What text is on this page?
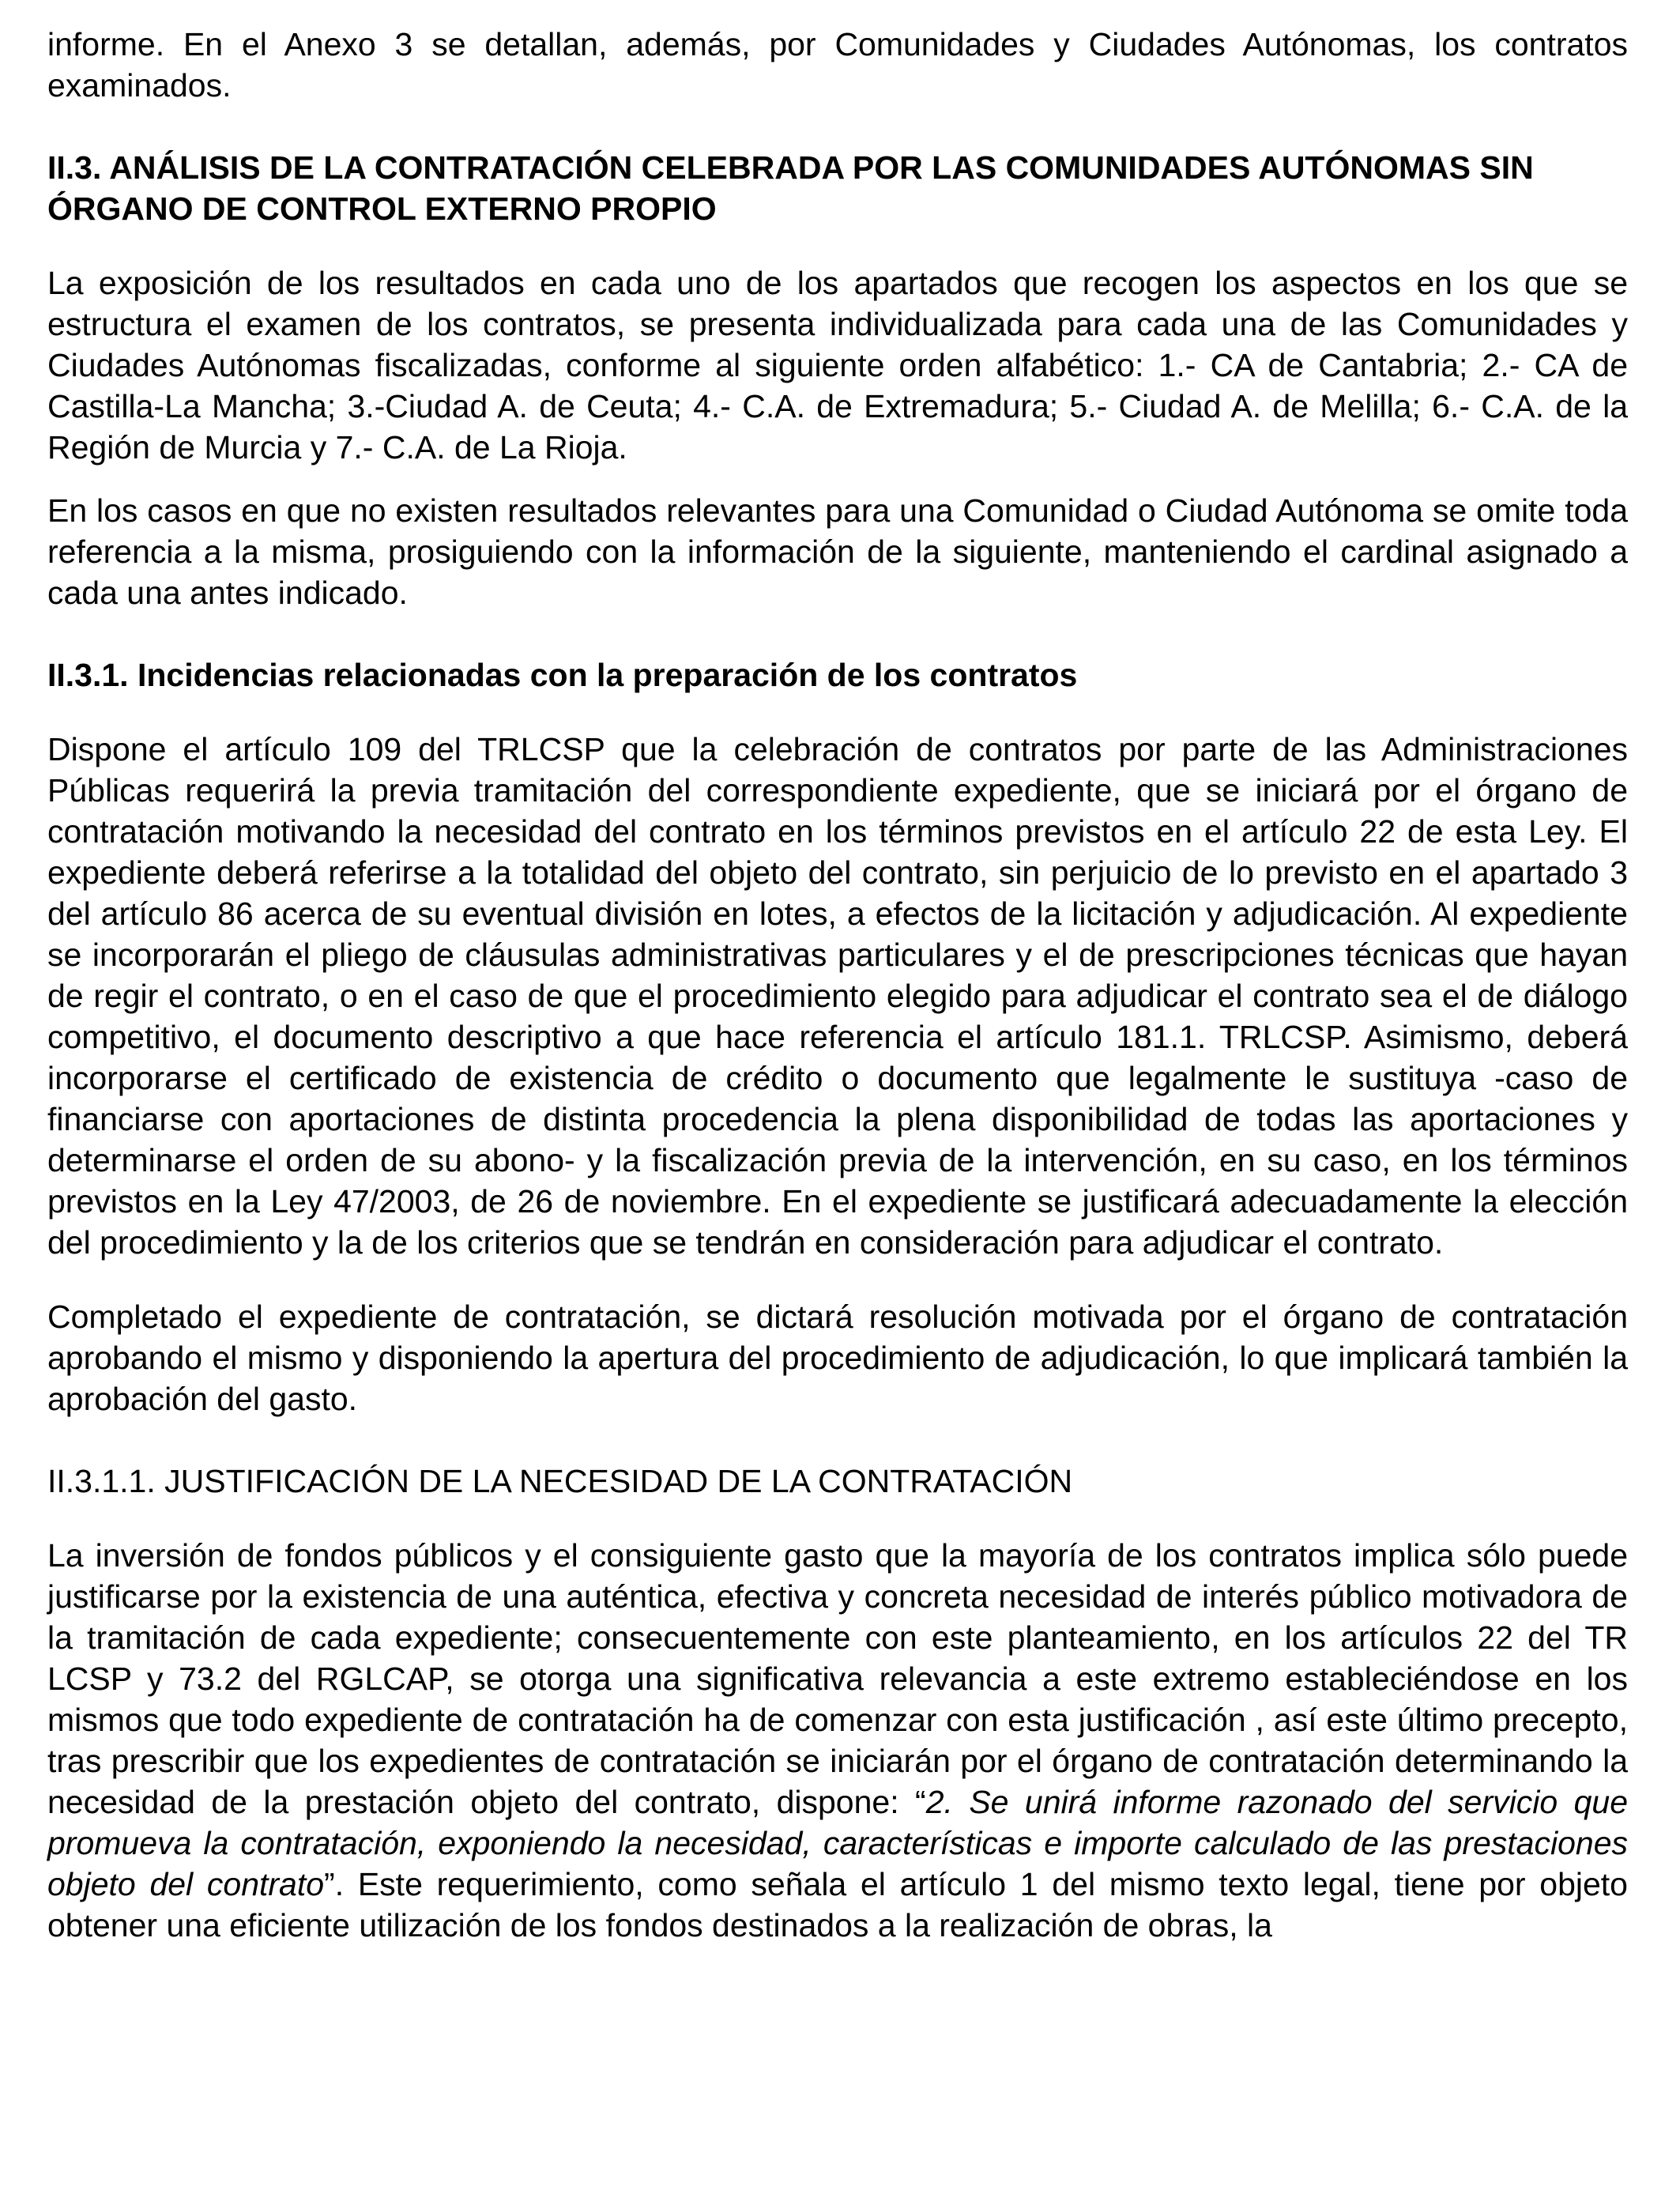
informe. En el Anexo 3 se detallan, además, por Comunidades y Ciudades Autónomas, los contratos examinados.

II.3. ANÁLISIS DE LA CONTRATACIÓN CELEBRADA POR LAS COMUNIDADES AUTÓNOMAS SIN ÓRGANO DE CONTROL EXTERNO PROPIO

La exposición de los resultados en cada uno de los apartados que recogen los aspectos en los que se estructura el examen de los contratos, se presenta individualizada para cada una de las Comunidades y Ciudades Autónomas fiscalizadas, conforme al siguiente orden alfabético: 1.- CA de Cantabria; 2.- CA de Castilla-La Mancha; 3.-Ciudad A. de Ceuta; 4.- C.A. de Extremadura; 5.- Ciudad A. de Melilla; 6.- C.A. de la Región de Murcia y 7.- C.A. de La Rioja.

En los casos en que no existen resultados relevantes para una Comunidad o Ciudad Autónoma se omite toda referencia a la misma, prosiguiendo con la información de la siguiente, manteniendo el cardinal asignado a cada una antes indicado.

II.3.1. Incidencias relacionadas con la preparación de los contratos

Dispone el artículo 109 del TRLCSP que la celebración de contratos por parte de las Administraciones Públicas requerirá la previa tramitación del correspondiente expediente, que se iniciará por el órgano de contratación motivando la necesidad del contrato en los términos previstos en el artículo 22 de esta Ley. El expediente deberá referirse a la totalidad del objeto del contrato, sin perjuicio de lo previsto en el apartado 3 del artículo 86 acerca de su eventual división en lotes, a efectos de la licitación y adjudicación. Al expediente se incorporarán el pliego de cláusulas administrativas particulares y el de prescripciones técnicas que hayan de regir el contrato, o en el caso de que el procedimiento elegido para adjudicar el contrato sea el de diálogo competitivo, el documento descriptivo a que hace referencia el artículo 181.1. TRLCSP. Asimismo, deberá incorporarse el certificado de existencia de crédito o documento que legalmente le sustituya -caso de financiarse con aportaciones de distinta procedencia la plena disponibilidad de todas las aportaciones y determinarse el orden de su abono- y la fiscalización previa de la intervención, en su caso, en los términos previstos en la Ley 47/2003, de 26 de noviembre. En el expediente se justificará adecuadamente la elección del procedimiento y la de los criterios que se tendrán en consideración para adjudicar el contrato.

Completado el expediente de contratación, se dictará resolución motivada por el órgano de contratación aprobando el mismo y disponiendo la apertura del procedimiento de adjudicación, lo que implicará también la aprobación del gasto.

II.3.1.1. JUSTIFICACIÓN DE LA NECESIDAD DE LA CONTRATACIÓN

La inversión de fondos públicos y el consiguiente gasto que la mayoría de los contratos implica sólo puede justificarse por la existencia de una auténtica, efectiva y concreta necesidad de interés público motivadora de la tramitación de cada expediente; consecuentemente con este planteamiento, en los artículos 22 del TR LCSP y 73.2 del RGLCAP, se otorga una significativa relevancia a este extremo estableciéndose en los mismos que todo expediente de contratación ha de comenzar con esta justificación , así este último precepto, tras prescribir que los expedientes de contratación se iniciarán por el órgano de contratación determinando la necesidad de la prestación objeto del contrato, dispone: “2. Se unirá informe razonado del servicio que promueva la contratación, exponiendo la necesidad, características e importe calculado de las prestaciones objeto del contrato”. Este requerimiento, como señala el artículo 1 del mismo texto legal, tiene por objeto obtener una eficiente utilización de los fondos destinados a la realización de obras, la
